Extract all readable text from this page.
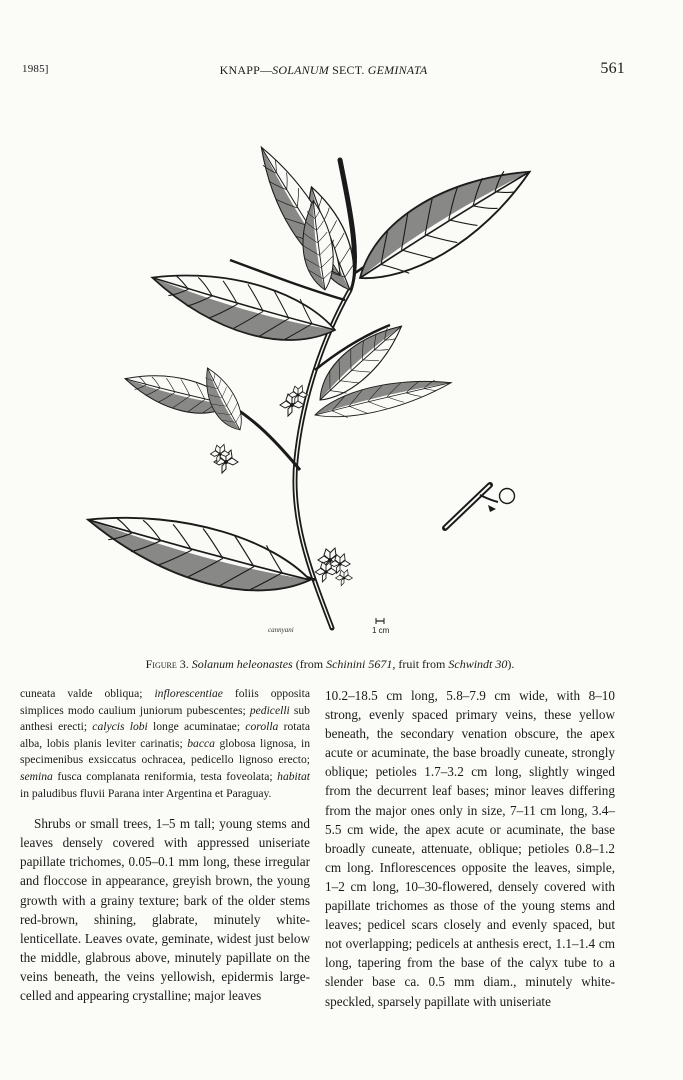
1985]	KNAPP—SOLANUM SECT. GEMINATA	561
cannyani	1 cm
Figure 3. Solanum heleonastes (from Schinini 5671, fruit from Schwindt 30).

cuneata valde obliqua; inflorescentiae foliis opposita simplices modo caulium juniorum pubescentes; pedicelli sub anthesi erecti; calycis lobi longe acuminatae; corolla rotata alba, lobis planis leviter carinatis; bacca globosa lignosa, in specimenibus exsiccatus ochracea, pedicello lignoso erecto; semina fusca complanata reniformia, testa foveolata; habitat in paludibus fluvii Parana inter Argentina et Paraguay.

Shrubs or small trees, 1–5 m tall; young stems and leaves densely covered with appressed uniseriate papillate trichomes, 0.05–0.1 mm long, these irregular and floccose in appearance, greyish brown, the young growth with a grainy texture; bark of the older stems red-brown, shining, glabrate, minutely white-lenticellate. Leaves ovate, geminate, widest just below the middle, glabrous above, minutely papillate on the veins beneath, the veins yellowish, epidermis large-celled and appearing crystalline; major leaves

10.2–18.5 cm long, 5.8–7.9 cm wide, with 8–10 strong, evenly spaced primary veins, these yellow beneath, the secondary venation obscure, the apex acute or acuminate, the base broadly cuneate, strongly oblique; petioles 1.7–3.2 cm long, slightly winged from the decurrent leaf bases; minor leaves differing from the major ones only in size, 7–11 cm long, 3.4–5.5 cm wide, the apex acute or acuminate, the base broadly cuneate, attenuate, oblique; petioles 0.8–1.2 cm long. Inflorescences opposite the leaves, simple, 1–2 cm long, 10–30-flowered, densely covered with papillate trichomes as those of the young stems and leaves; pedicel scars closely and evenly spaced, but not overlapping; pedicels at anthesis erect, 1.1–1.4 cm long, tapering from the base of the calyx tube to a slender base ca. 0.5 mm diam., minutely white-speckled, sparsely papillate with uniseriate
